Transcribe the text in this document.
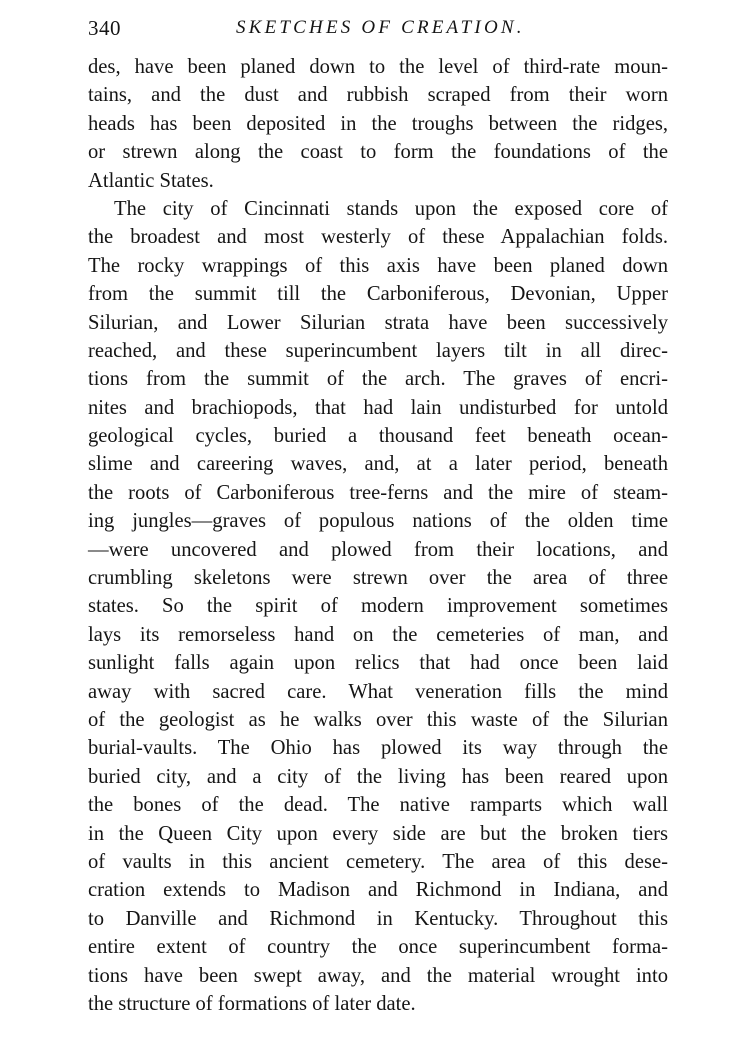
340	SKETCHES OF CREATION.
des, have been planed down to the level of third-rate moun-
tains, and the dust and rubbish scraped from their worn
heads has been deposited in the troughs between the ridges,
or strewn along the coast to form the foundations of the
Atlantic States.
The city of Cincinnati stands upon the exposed core of
the broadest and most westerly of these Appalachian folds.
The rocky wrappings of this axis have been planed down
from the summit till the Carboniferous, Devonian, Upper
Silurian, and Lower Silurian strata have been successively
reached, and these superincumbent layers tilt in all direc-
tions from the summit of the arch. The graves of encri-
nites and brachiopods, that had lain undisturbed for untold
geological cycles, buried a thousand feet beneath ocean-
slime and careering waves, and, at a later period, beneath
the roots of Carboniferous tree-ferns and the mire of steam-
ing jungles—graves of populous nations of the olden time
—were uncovered and plowed from their locations, and
crumbling skeletons were strewn over the area of three
states. So the spirit of modern improvement sometimes
lays its remorseless hand on the cemeteries of man, and
sunlight falls again upon relics that had once been laid
away with sacred care. What veneration fills the mind
of the geologist as he walks over this waste of the Silurian
burial-vaults. The Ohio has plowed its way through the
buried city, and a city of the living has been reared upon
the bones of the dead. The native ramparts which wall
in the Queen City upon every side are but the broken tiers
of vaults in this ancient cemetery. The area of this dese-
cration extends to Madison and Richmond in Indiana, and
to Danville and Richmond in Kentucky. Throughout this
entire extent of country the once superincumbent forma-
tions have been swept away, and the material wrought into
the structure of formations of later date.
